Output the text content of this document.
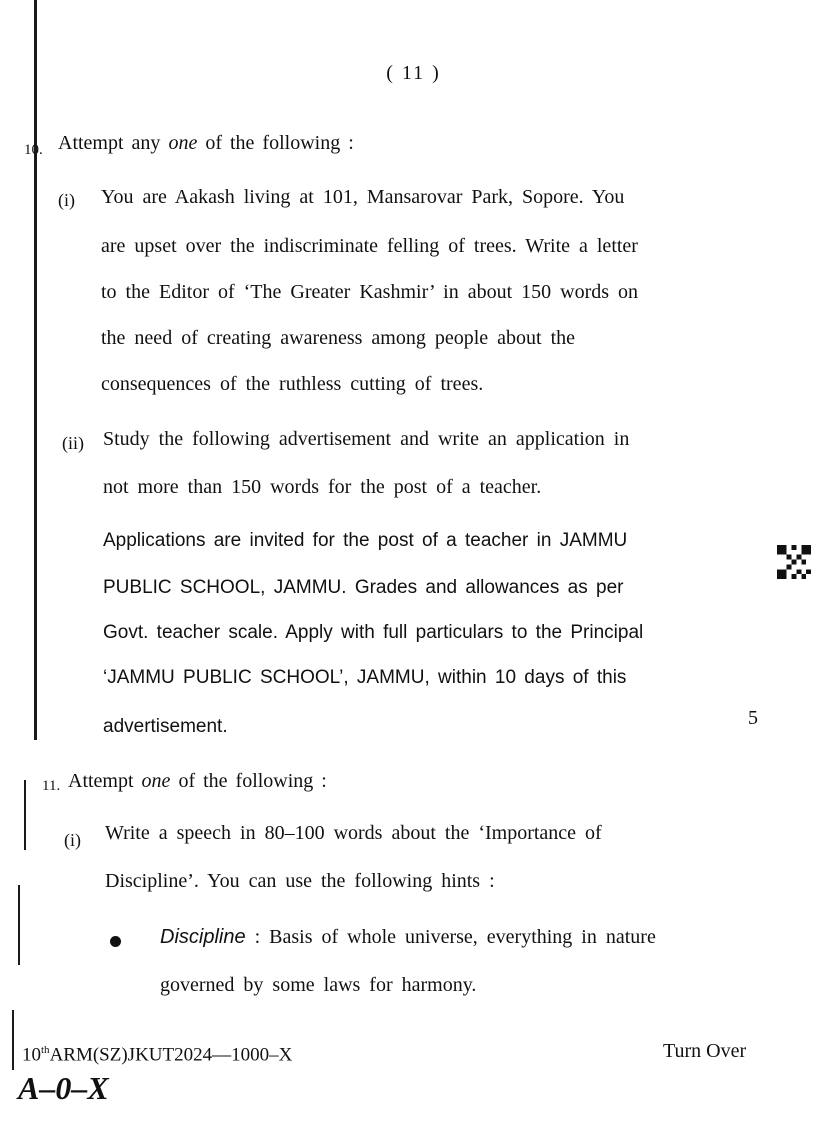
( 11 )
10. Attempt any one of the following :
(i) You are Aakash living at 101, Mansarovar Park, Sopore. You
are upset over the indiscriminate felling of trees. Write a letter
to the Editor of ‘The Greater Kashmir’ in about 150 words on
the need of creating awareness among people about the
consequences of the ruthless cutting of trees.
(ii) Study the following advertisement and write an application in
not more than 150 words for the post of a teacher.
Applications are invited for the post of a teacher in JAMMU
PUBLIC SCHOOL, JAMMU. Grades and allowances as per
Govt. teacher scale. Apply with full particulars to the Principal
‘JAMMU PUBLIC SCHOOL’, JAMMU, within 10 days of this
advertisement.	5
11. Attempt one of the following :
(i) Write a speech in 80–100 words about the ‘Importance of
Discipline’. You can use the following hints :
Discipline : Basis of whole universe, everything in nature
governed by some laws for harmony.
10thARM(SZ)JKUT2024—1000–X	Turn Over
A–0–X
